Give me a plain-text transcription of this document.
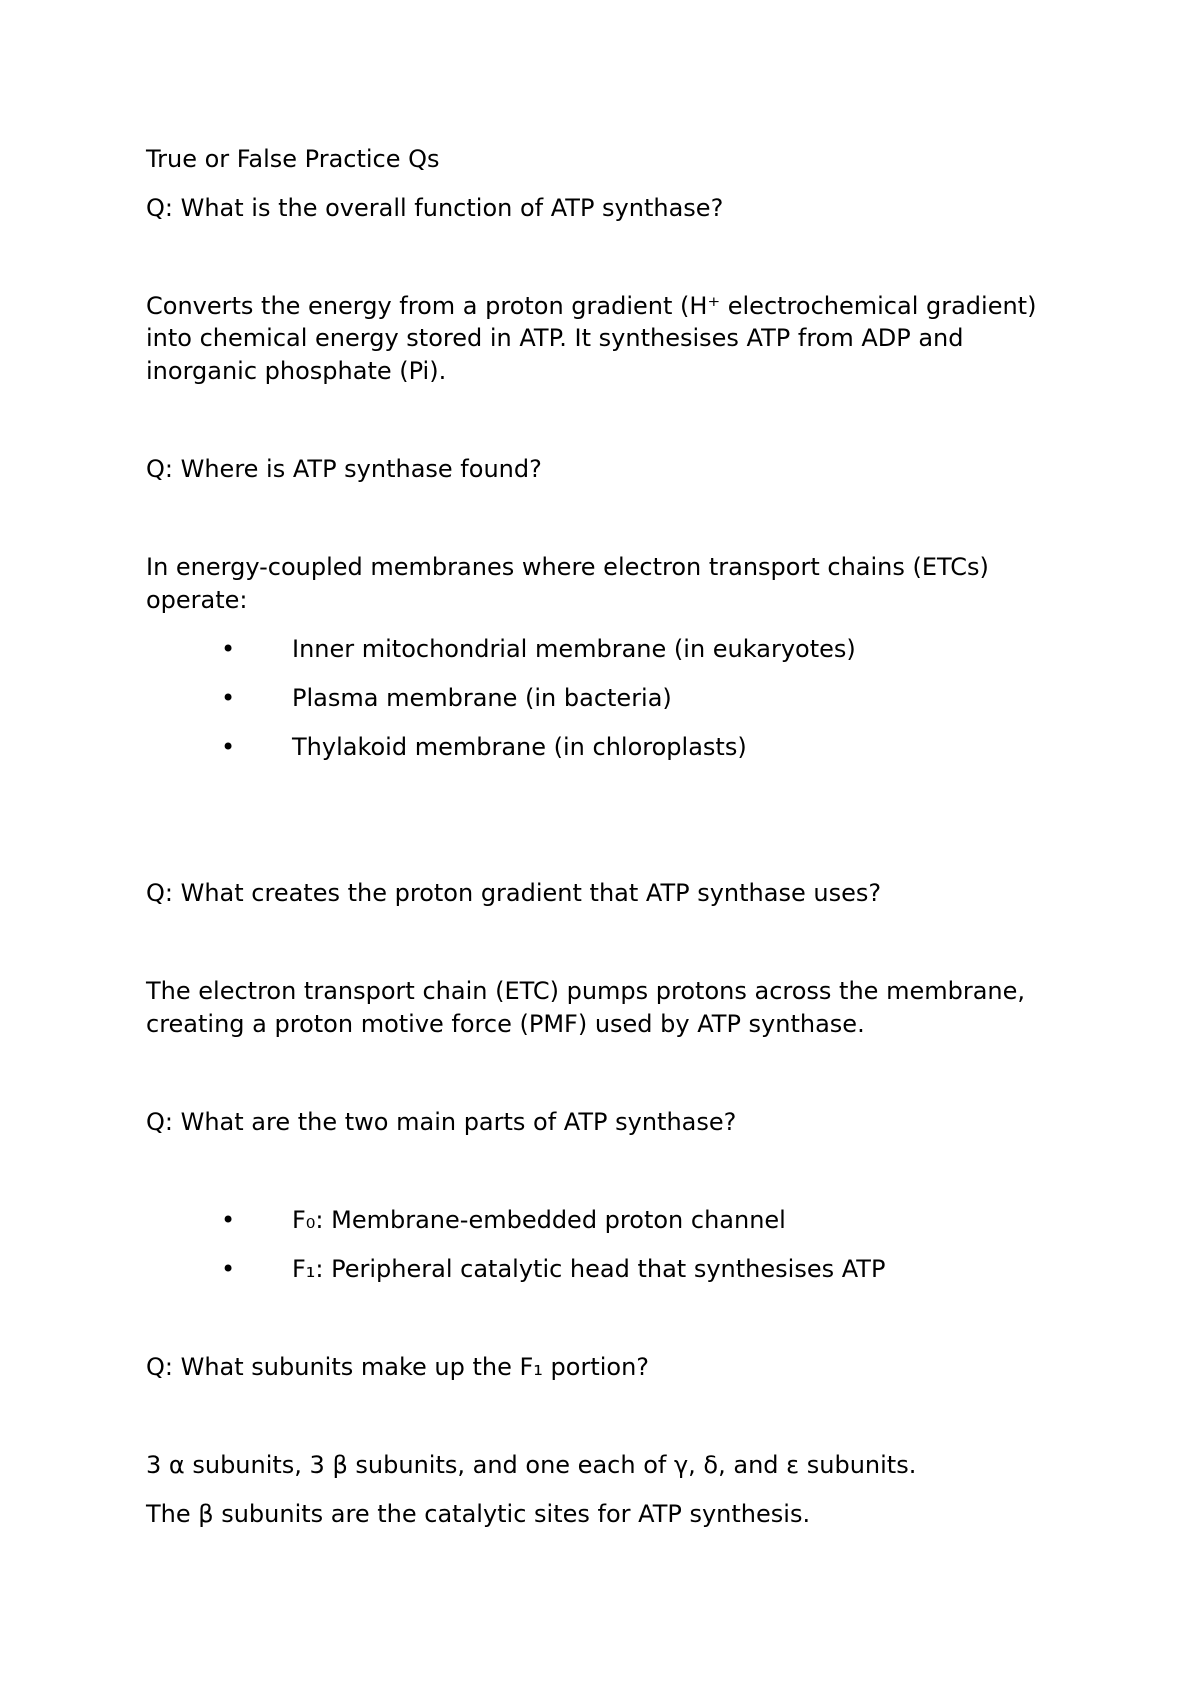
True or False Practice Qs
Q: What is the overall function of ATP synthase?
Converts the energy from a proton gradient (H⁺ electrochemical gradient)
into chemical energy stored in ATP. It synthesises ATP from ADP and
inorganic phosphate (Pi).
Q: Where is ATP synthase found?
In energy-coupled membranes where electron transport chains (ETCs)
operate:
• Inner mitochondrial membrane (in eukaryotes)
• Plasma membrane (in bacteria)
• Thylakoid membrane (in chloroplasts)
Q: What creates the proton gradient that ATP synthase uses?
The electron transport chain (ETC) pumps protons across the membrane,
creating a proton motive force (PMF) used by ATP synthase.
Q: What are the two main parts of ATP synthase?
• F₀: Membrane-embedded proton channel
• F₁: Peripheral catalytic head that synthesises ATP
Q: What subunits make up the F₁ portion?
3 α subunits, 3 β subunits, and one each of γ, δ, and ε subunits.
The β subunits are the catalytic sites for ATP synthesis.
